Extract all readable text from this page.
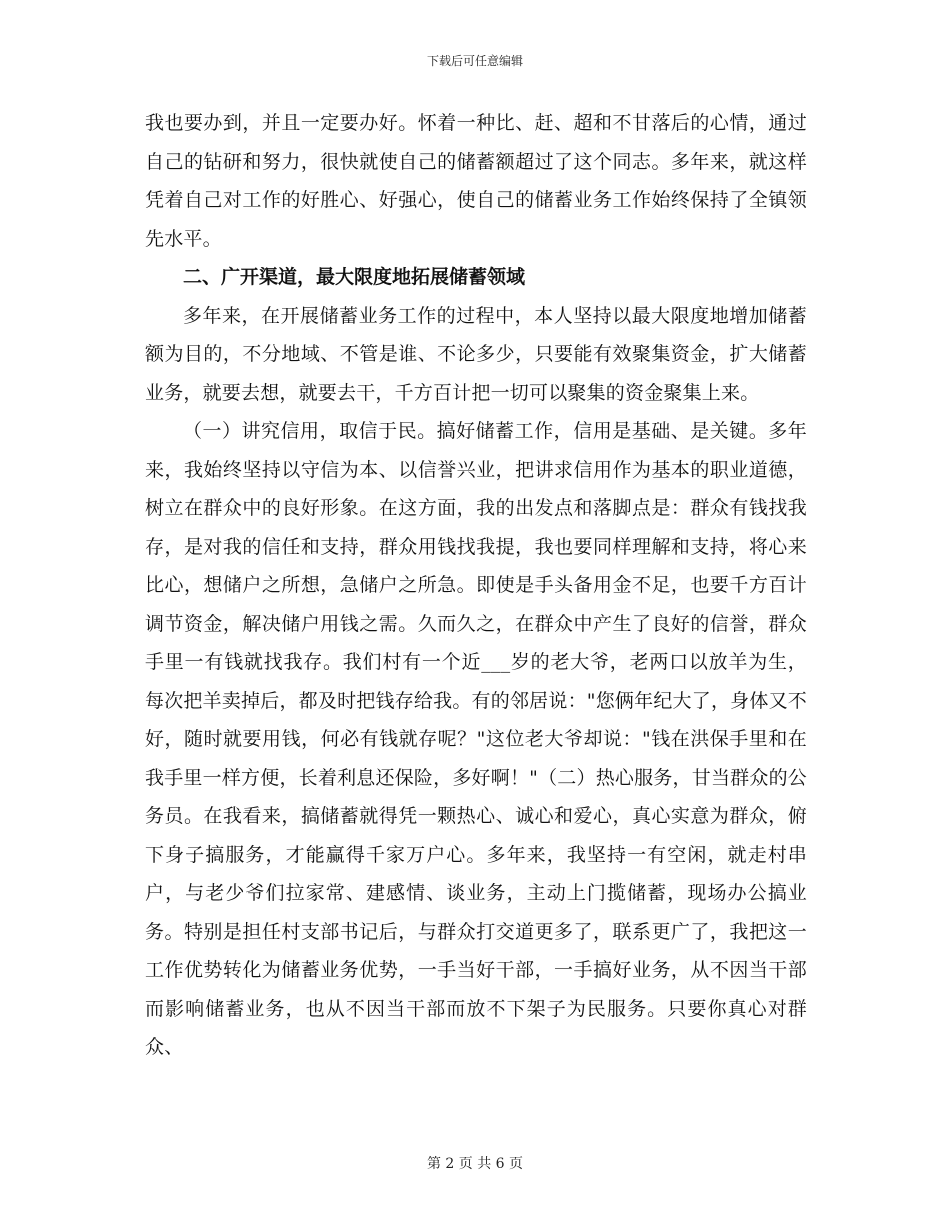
下载后可任意编辑

我也要办到，并且一定要办好。怀着一种比、赶、超和不甘落后的心情，通过自己的钻研和努力，很快就使自己的储蓄额超过了这个同志。多年来，就这样凭着自己对工作的好胜心、好强心，使自己的储蓄业务工作始终保持了全镇领先水平。

二、广开渠道，最大限度地拓展储蓄领域

多年来，在开展储蓄业务工作的过程中，本人坚持以最大限度地增加储蓄额为目的，不分地域、不管是谁、不论多少，只要能有效聚集资金，扩大储蓄业务，就要去想，就要去干，千方百计把一切可以聚集的资金聚集上来。

（一）讲究信用，取信于民。搞好储蓄工作，信用是基础、是关键。多年来，我始终坚持以守信为本、以信誉兴业，把讲求信用作为基本的职业道德，树立在群众中的良好形象。在这方面，我的出发点和落脚点是：群众有钱找我存，是对我的信任和支持，群众用钱找我提，我也要同样理解和支持，将心来比心，想储户之所想，急储户之所急。即使是手头备用金不足，也要千方百计调节资金，解决储户用钱之需。久而久之，在群众中产生了良好的信誉，群众手里一有钱就找我存。我们村有一个近___岁的老大爷，老两口以放羊为生，每次把羊卖掉后，都及时把钱存给我。有的邻居说："您俩年纪大了，身体又不好，随时就要用钱，何必有钱就存呢？"这位老大爷却说："钱在洪保手里和在我手里一样方便，长着利息还保险，多好啊！"（二）热心服务，甘当群众的公务员。在我看来，搞储蓄就得凭一颗热心、诚心和爱心，真心实意为群众，俯下身子搞服务，才能赢得千家万户心。多年来，我坚持一有空闲，就走村串户，与老少爷们拉家常、建感情、谈业务，主动上门揽储蓄，现场办公搞业务。特别是担任村支部书记后，与群众打交道更多了，联系更广了，我把这一工作优势转化为储蓄业务优势，一手当好干部，一手搞好业务，从不因当干部而影响储蓄业务，也从不因当干部而放不下架子为民服务。只要你真心对群众、

第 2 页 共 6 页
